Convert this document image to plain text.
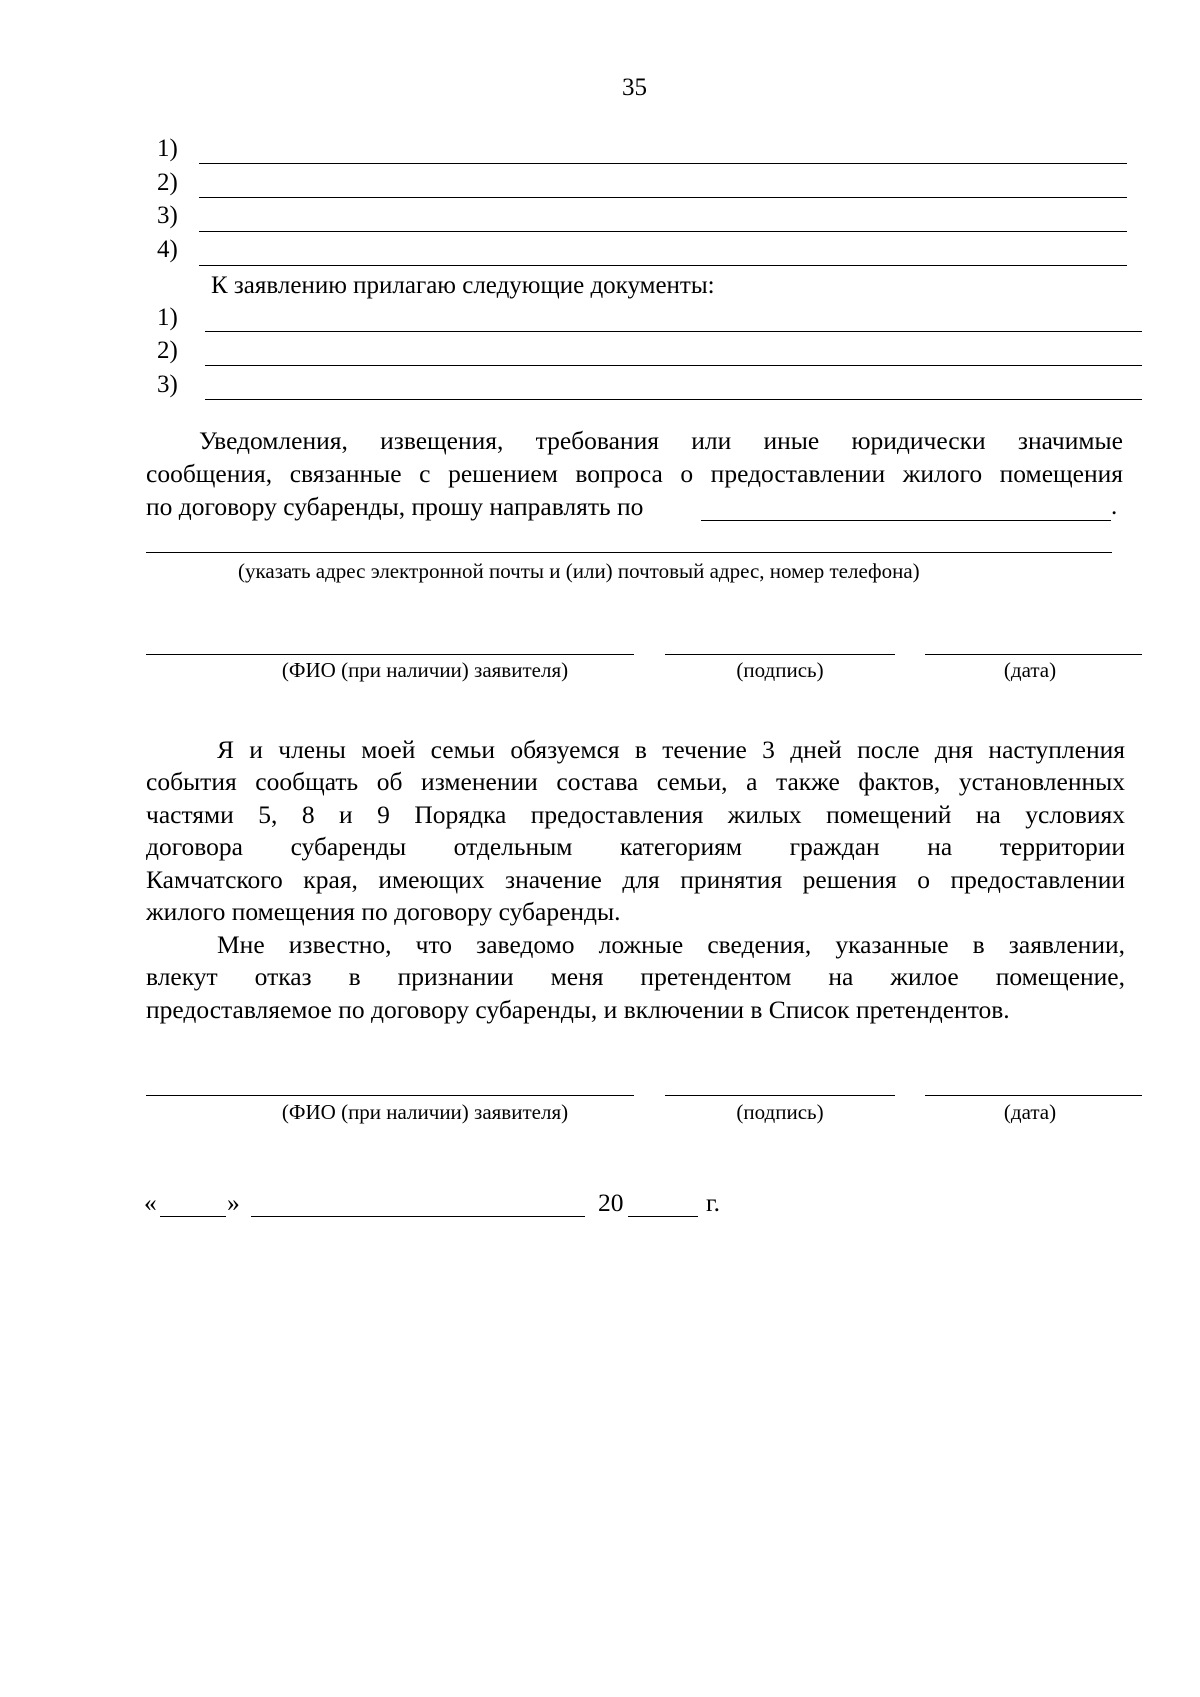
35
1)
2)
3)
4)
К заявлению прилагаю следующие документы:
1)
2)
3)
Уведомления, извещения, требования или иные юридически значимые
сообщения, связанные с решением вопроса о предоставлении жилого помещения
по договору субаренды, прошу направлять по	.
(указать адрес электронной почты и (или) почтовый адрес, номер телефона)
(ФИО (при наличии) заявителя)	(подпись)	(дата)
Я и члены моей семьи обязуемся в течение 3 дней после дня наступления
события сообщать об изменении состава семьи, а также фактов, установленных
частями 5, 8 и 9 Порядка предоставления жилых помещений на условиях
договора субаренды отдельным категориям граждан на территории
Камчатского края, имеющих значение для принятия решения о предоставлении
жилого помещения по договору субаренды.
Мне известно, что заведомо ложные сведения, указанные в заявлении,
влекут отказ в признании меня претендентом на жилое помещение,
предоставляемое по договору субаренды, и включении в Список претендентов.
(ФИО (при наличии) заявителя)	(подпись)	(дата)
«	»	20	г.
